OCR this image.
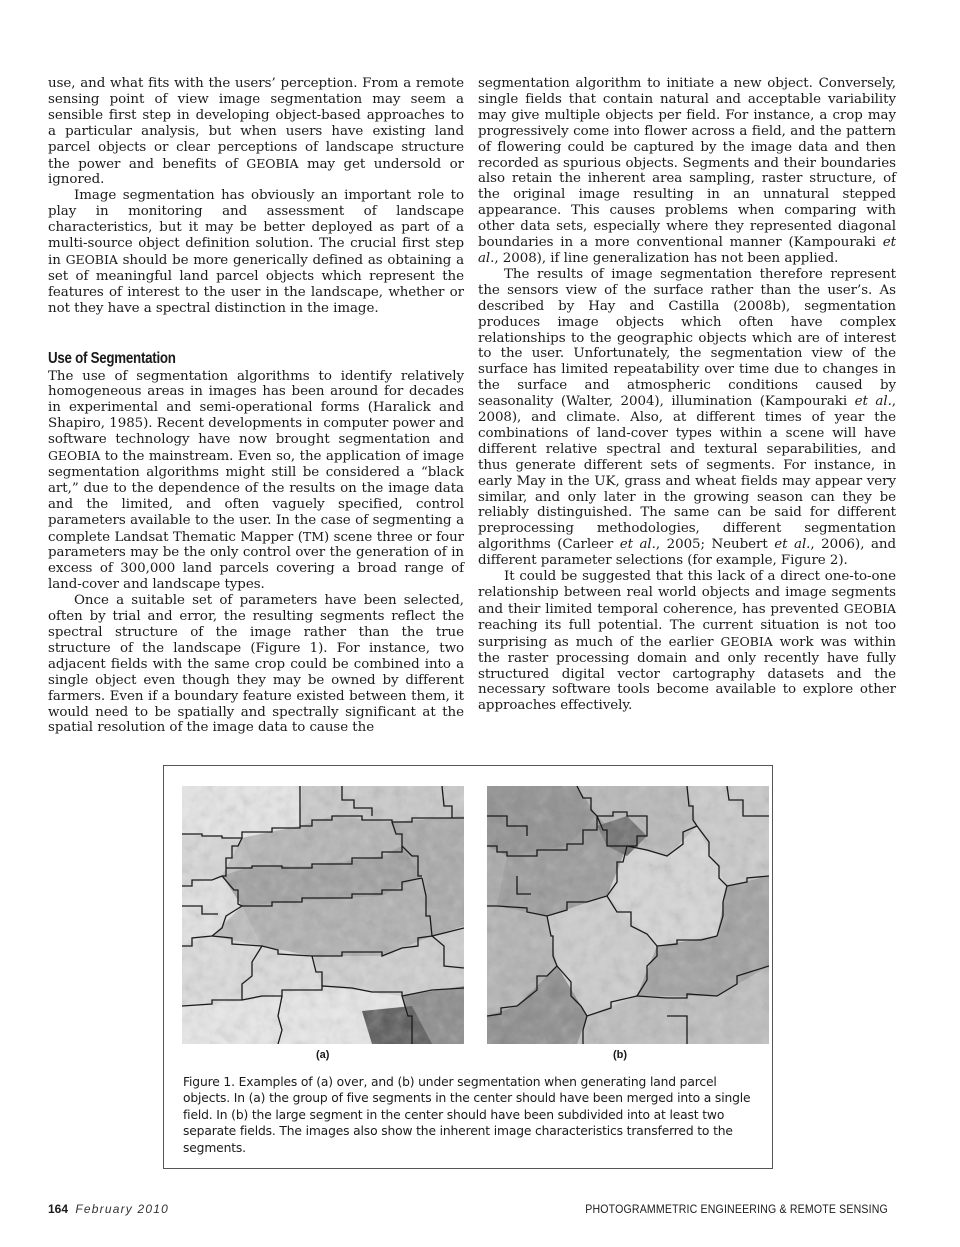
use, and what fits with the users’ perception. From a remote sensing point of view image segmentation may seem a sensible first step in developing object-based approaches to a particular analysis, but when users have existing land parcel objects or clear perceptions of landscape structure the power and benefits of GEOBIA may get undersold or ignored.

Image segmentation has obviously an important role to play in monitoring and assessment of landscape characteristics, but it may be better deployed as part of a multi-source object definition solution. The crucial first step in GEOBIA should be more generically defined as obtaining a set of meaningful land parcel objects which represent the features of interest to the user in the landscape, whether or not they have a spectral distinction in the image.

Use of Segmentation

The use of segmentation algorithms to identify relatively homogeneous areas in images has been around for decades in experimental and semi-operational forms (Haralick and Shapiro, 1985). Recent developments in computer power and software technology have now brought segmentation and GEOBIA to the mainstream. Even so, the application of image segmentation algorithms might still be considered a “black art,” due to the dependence of the results on the image data and the limited, and often vaguely specified, control parameters available to the user. In the case of segmenting a complete Landsat Thematic Mapper (TM) scene three or four parameters may be the only control over the generation of in excess of 300,000 land parcels covering a broad range of land-cover and landscape types.

Once a suitable set of parameters have been selected, often by trial and error, the resulting segments reflect the spectral structure of the image rather than the true structure of the landscape (Figure 1). For instance, two adjacent fields with the same crop could be combined into a single object even though they may be owned by different farmers. Even if a boundary feature existed between them, it would need to be spatially and spectrally significant at the spatial resolution of the image data to cause the

segmentation algorithm to initiate a new object. Conversely, single fields that contain natural and acceptable variability may give multiple objects per field. For instance, a crop may progressively come into flower across a field, and the pattern of flowering could be captured by the image data and then recorded as spurious objects. Segments and their boundaries also retain the inherent area sampling, raster structure, of the original image resulting in an unnatural stepped appearance. This causes problems when comparing with other data sets, especially where they represented diagonal boundaries in a more conventional manner (Kampouraki et al., 2008), if line generalization has not been applied.

The results of image segmentation therefore represent the sensors view of the surface rather than the user’s. As described by Hay and Castilla (2008b), segmentation produces image objects which often have complex relationships to the geographic objects which are of interest to the user. Unfortunately, the segmentation view of the surface has limited repeatability over time due to changes in the surface and atmospheric conditions caused by seasonality (Walter, 2004), illumination (Kampouraki et al., 2008), and climate. Also, at different times of year the combinations of land-cover types within a scene will have different relative spectral and textural separabilities, and thus generate different sets of segments. For instance, in early May in the UK, grass and wheat fields may appear very similar, and only later in the growing season can they be reliably distinguished. The same can be said for different preprocessing methodologies, different segmentation algorithms (Carleer et al., 2005; Neubert et al., 2006), and different parameter selections (for example, Figure 2).

It could be suggested that this lack of a direct one-to-one relationship between real world objects and image segments and their limited temporal coherence, has prevented GEOBIA reaching its full potential. The current situation is not too surprising as much of the earlier GEOBIA work was within the raster processing domain and only recently have fully structured digital vector cartography datasets and the necessary software tools become available to explore other approaches effectively.

(a)	(b)
Figure 1. Examples of (a) over, and (b) under segmentation when generating land parcel objects. In (a) the group of five segments in the center should have been merged into a single field. In (b) the large segment in the center should have been subdivided into at least two separate fields. The images also show the inherent image characteristics transferred to the segments.
164 February 2010	PHOTOGRAMMETRIC ENGINEERING & REMOTE SENSING
